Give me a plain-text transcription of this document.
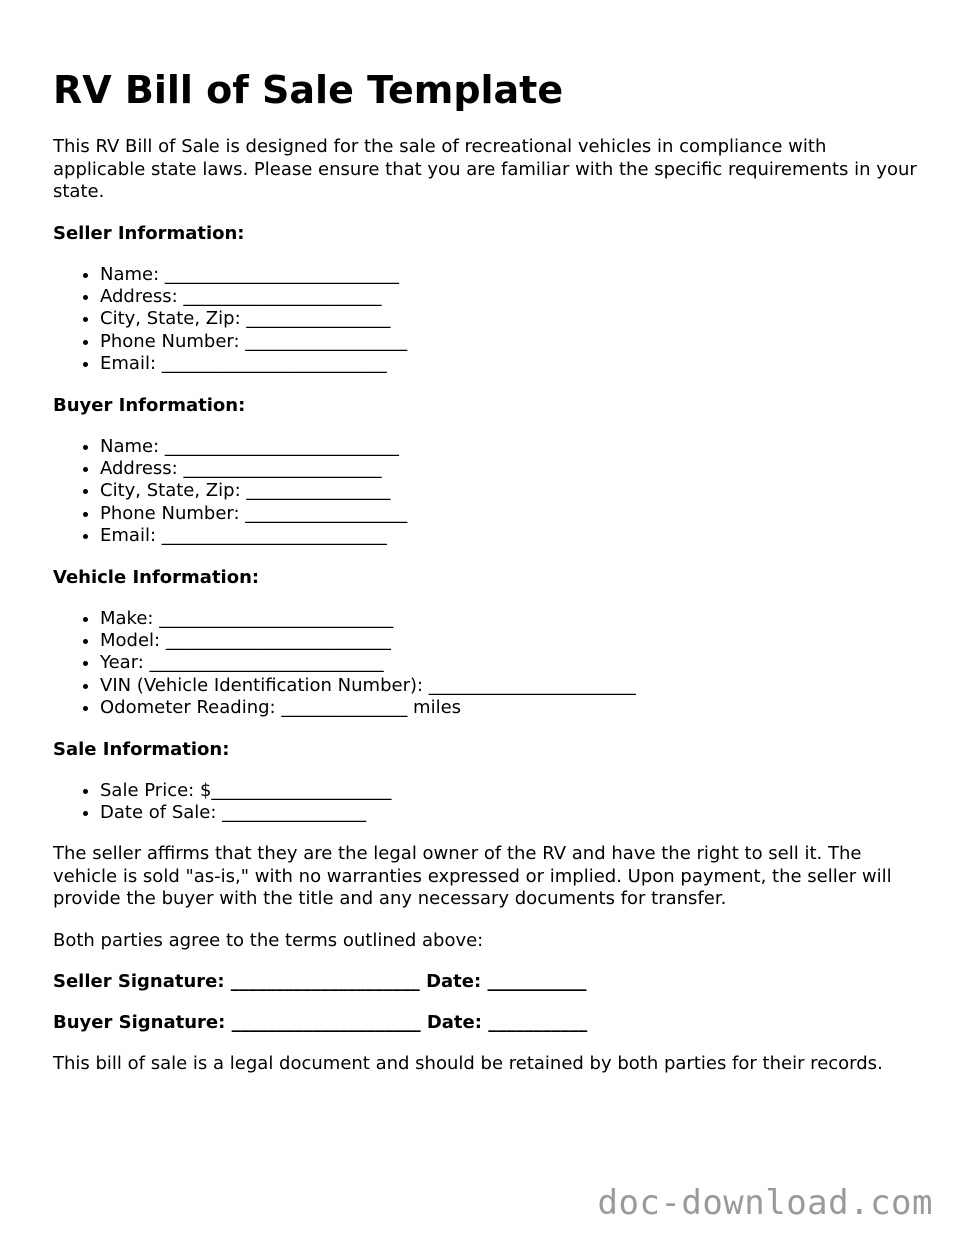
RV Bill of Sale Template

This RV Bill of Sale is designed for the sale of recreational vehicles in compliance with applicable state laws. Please ensure that you are familiar with the specific requirements in your state.

Seller Information:
• Name: __________________________
• Address: ______________________
• City, State, Zip: ________________
• Phone Number: __________________
• Email: _________________________
Buyer Information:
• Name: __________________________
• Address: ______________________
• City, State, Zip: ________________
• Phone Number: __________________
• Email: _________________________
Vehicle Information:
• Make: __________________________
• Model: _________________________
• Year: __________________________
• VIN (Vehicle Identification Number): _______________________
• Odometer Reading: ______________ miles
Sale Information:
• Sale Price: $____________________
• Date of Sale: ________________

The seller affirms that they are the legal owner of the RV and have the right to sell it. The vehicle is sold "as-is," with no warranties expressed or implied. Upon payment, the seller will provide the buyer with the title and any necessary documents for transfer.

Both parties agree to the terms outlined above:

Seller Signature: _____________________ Date: ___________
Buyer Signature: _____________________ Date: ___________

This bill of sale is a legal document and should be retained by both parties for their records.

doc-download.com
